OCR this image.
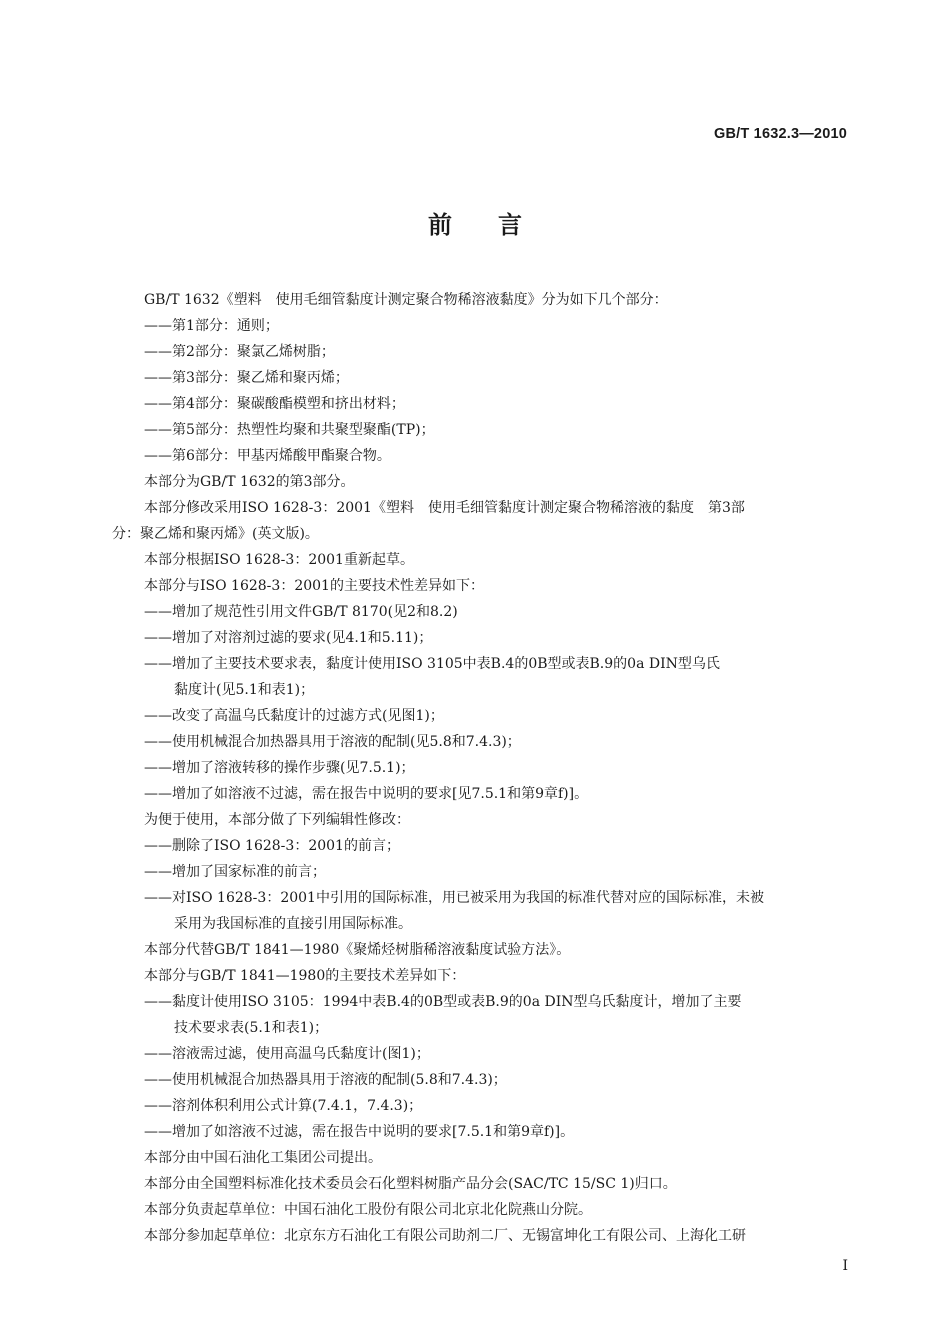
GB/T 1632.3—2010
前言
GB/T 1632《塑料　使用毛细管黏度计测定聚合物稀溶液黏度》分为如下几个部分：
——第1部分：通则；
——第2部分：聚氯乙烯树脂；
——第3部分：聚乙烯和聚丙烯；
——第4部分：聚碳酸酯模塑和挤出材料；
——第5部分：热塑性均聚和共聚型聚酯(TP)；
——第6部分：甲基丙烯酸甲酯聚合物。
本部分为GB/T 1632的第3部分。
本部分修改采用ISO 1628-3：2001《塑料　使用毛细管黏度计测定聚合物稀溶液的黏度　第3部
分：聚乙烯和聚丙烯》(英文版)。
本部分根据ISO 1628-3：2001重新起草。
本部分与ISO 1628-3：2001的主要技术性差异如下：
——增加了规范性引用文件GB/T 8170(见2和8.2)
——增加了对溶剂过滤的要求(见4.1和5.11)；
——增加了主要技术要求表，黏度计使用ISO 3105中表B.4的0B型或表B.9的0a DIN型乌氏
黏度计(见5.1和表1)；
——改变了高温乌氏黏度计的过滤方式(见图1)；
——使用机械混合加热器具用于溶液的配制(见5.8和7.4.3)；
——增加了溶液转移的操作步骤(见7.5.1)；
——增加了如溶液不过滤，需在报告中说明的要求[见7.5.1和第9章f)]。
为便于使用，本部分做了下列编辑性修改：
——删除了ISO 1628-3：2001的前言；
——增加了国家标准的前言；
——对ISO 1628-3：2001中引用的国际标准，用已被采用为我国的标准代替对应的国际标准，未被
采用为我国标准的直接引用国际标准。
本部分代替GB/T 1841—1980《聚烯烃树脂稀溶液黏度试验方法》。
本部分与GB/T 1841—1980的主要技术差异如下：
——黏度计使用ISO 3105：1994中表B.4的0B型或表B.9的0a DIN型乌氏黏度计，增加了主要
技术要求表(5.1和表1)；
——溶液需过滤，使用高温乌氏黏度计(图1)；
——使用机械混合加热器具用于溶液的配制(5.8和7.4.3)；
——溶剂体积利用公式计算(7.4.1，7.4.3)；
——增加了如溶液不过滤，需在报告中说明的要求[7.5.1和第9章f)]。
本部分由中国石油化工集团公司提出。
本部分由全国塑料标准化技术委员会石化塑料树脂产品分会(SAC/TC 15/SC 1)归口。
本部分负责起草单位：中国石油化工股份有限公司北京北化院燕山分院。
本部分参加起草单位：北京东方石油化工有限公司助剂二厂、无锡富坤化工有限公司、上海化工研
I
